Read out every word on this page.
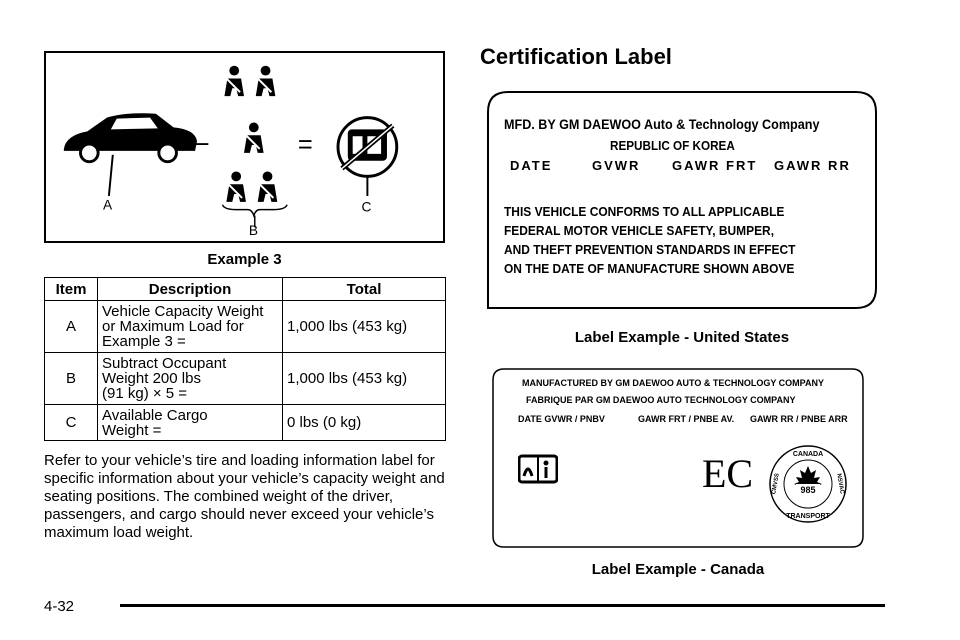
–	=
A
B
C
Example 3
Item	Description	Total
A	Vehicle Capacity Weight
or Maximum Load for
Example 3 =	1,000 lbs (453 kg)
B	Subtract Occupant
Weight 200 lbs
(91 kg) × 5 =	1,000 lbs (453 kg)
C	Available Cargo
Weight =	0 lbs (0 kg)
Refer to your vehicle’s tire and loading information label for specific information about your vehicle’s capacity weight and seating positions. The combined weight of the driver, passengers, and cargo should never exceed your vehicle’s maximum load weight.
Certification Label
MFD. BY GM DAEWOO Auto & Technology Company
REPUBLIC OF KOREA
DATE	GVWR GAWR FRT GAWR RR
THIS VEHICLE CONFORMS TO ALL APPLICABLE
FEDERAL MOTOR VEHICLE SAFETY, BUMPER,
AND THEFT PREVENTION STANDARDS IN EFFECT
ON THE DATE OF MANUFACTURE SHOWN ABOVE
Label Example - United States
MANUFACTURED BY GM DAEWOO AUTO & TECHNOLOGY COMPANY
FABRIQUE PAR GM DAEWOO AUTO TECHNOLOGY COMPANY
DATE GVWR / PNBV	GAWR FRT / PNBE AV. GAWR RR / PNBE ARR
EC	985
CANADA
TRANSPORT
CMVSS	NSVAC
Label Example - Canada
4-32
